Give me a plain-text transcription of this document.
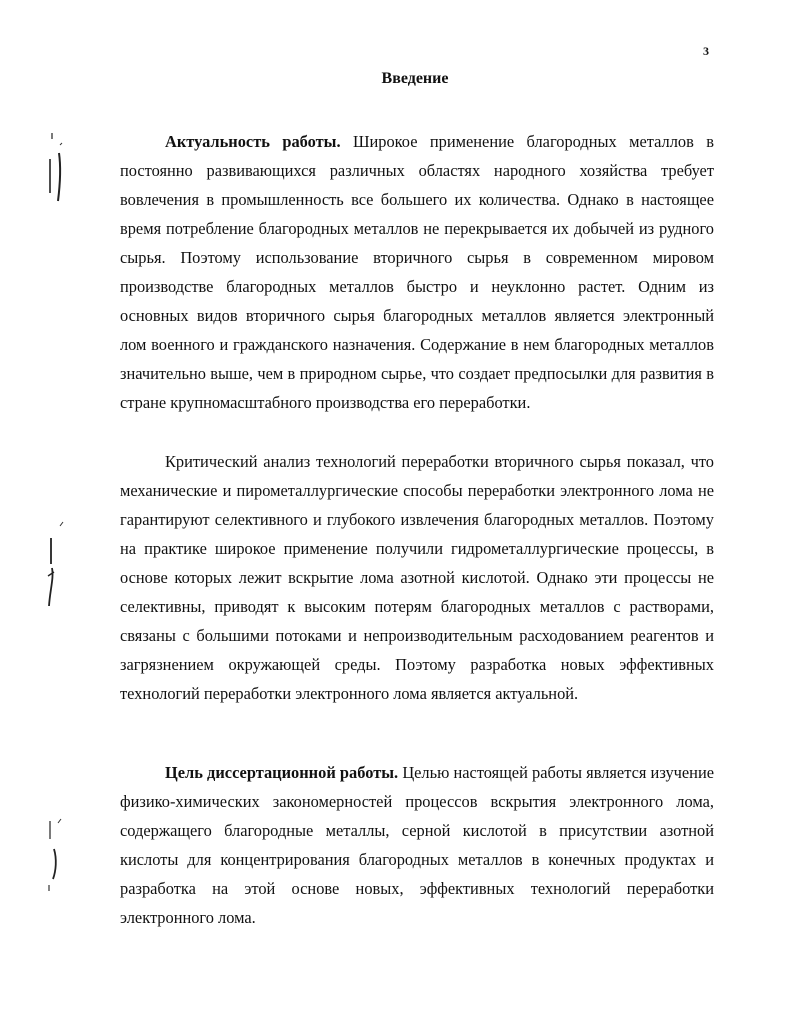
3
Введение

Актуальность работы. Широкое применение благородных металлов в постоянно развивающихся различных областях народного хозяйства требует вовлечения в промышленность все большего их количества. Однако в настоящее время потребление благородных металлов не перекрывается их добычей из рудного сырья. Поэтому использование вторичного сырья в современном мировом производстве благородных металлов быстро и неуклонно растет. Одним из основных видов вторичного сырья благородных металлов является электронный лом военного и гражданского назначения. Содержание в нем благородных металлов значительно выше, чем в природном сырье, что создает предпосылки для развития в стране крупномасштабного производства его переработки.

Критический анализ технологий переработки вторичного сырья показал, что механические и пирометаллургические способы переработки электронного лома не гарантируют селективного и глубокого извлечения благородных металлов. Поэтому на практике широкое применение получили гидрометаллургические процессы, в основе которых лежит вскрытие лома азотной кислотой. Однако эти процессы не селективны, приводят к высоким потерям благородных металлов с растворами, связаны с большими потоками и непроизводительным расходованием реагентов и загрязнением окружающей среды. Поэтому разработка новых эффективных технологий переработки электронного лома является актуальной.

Цель диссертационной работы. Целью настоящей работы является изучение физико-химических закономерностей процессов вскрытия электронного лома, содержащего благородные металлы, серной кислотой в присутствии азотной кислоты для концентрирования благородных металлов в конечных продуктах и разработка на этой основе новых, эффективных технологий переработки электронного лома.
